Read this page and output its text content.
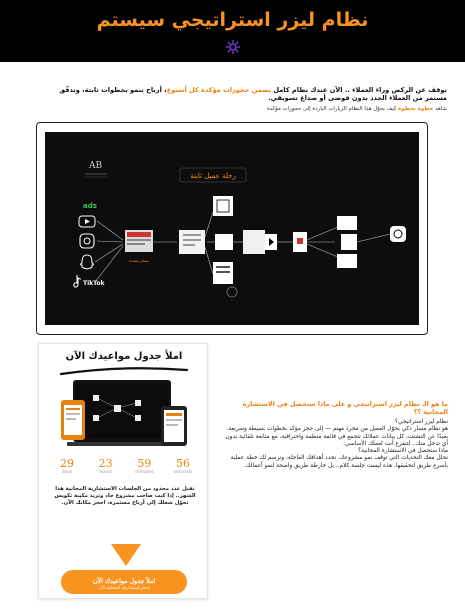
نظام ليزر استراتيجي سيستم
توقف عن الركض وراء العملاء .. الآن عندك نظام كامل يضمن حجوزات مؤكدة كل أسبوع، أرباح تنمو بخطوات ثابتة، وتدفّق مستمر من العملاء الجدد بدون فوضى أو صداع تسويقي.
شاهد خطوة بخطوة كيف يحوّل هذا النظام الزيارات الباردة إلى حجوزات مؤكدة
AB
رحلة عميل ثابتة
ads
TikTok
مصادر متعددة
املأ جدول مواعيدك الآن
29
days
23
hours
59
minutes
56
seconds
نقبل عدد محدود من الجلسات الاستشارية المجانية هذا الشهر.. إذا كنت صاحب مشروع جاد وتريد مكينة تكويس تحوّل شغلك إلى أرباح مستمرة، احجز مكانك الآن.
املأ جدول مواعيدك الآن
احجز استشارتك المجانية الآن
ما هو الـ نظام ليزر استراتيجي و على ماذا ستحصل في الاستشارة المجانية ؟؟

نظام ليزر استراتيجي؟

هو نظام مسار ذكي يحوّل العميل من مجرد مهتم — إلى حجز مؤكد بخطوات بسيطة وسريعة.

بعيدًا عن التشتت، كل بيانات عملائك تتجمع في قائمة منظمة واحترافية، مع متابعة تلقائية بدون أي تدخل منك.. لتتفرغ أنت لعملك الأساسي.

ماذا ستحصل في الاستشارة المجانية؟

نحلل معك التحديات التي توقف نمو مشروعك، نحدد أهدافك العاجلة، ونرسم لك خطة عملية بأسرع طريق لتحقيقها. هذه ليست جلسة كلام.. بل خارطة طريق واضحة لنمو أعمالك.
